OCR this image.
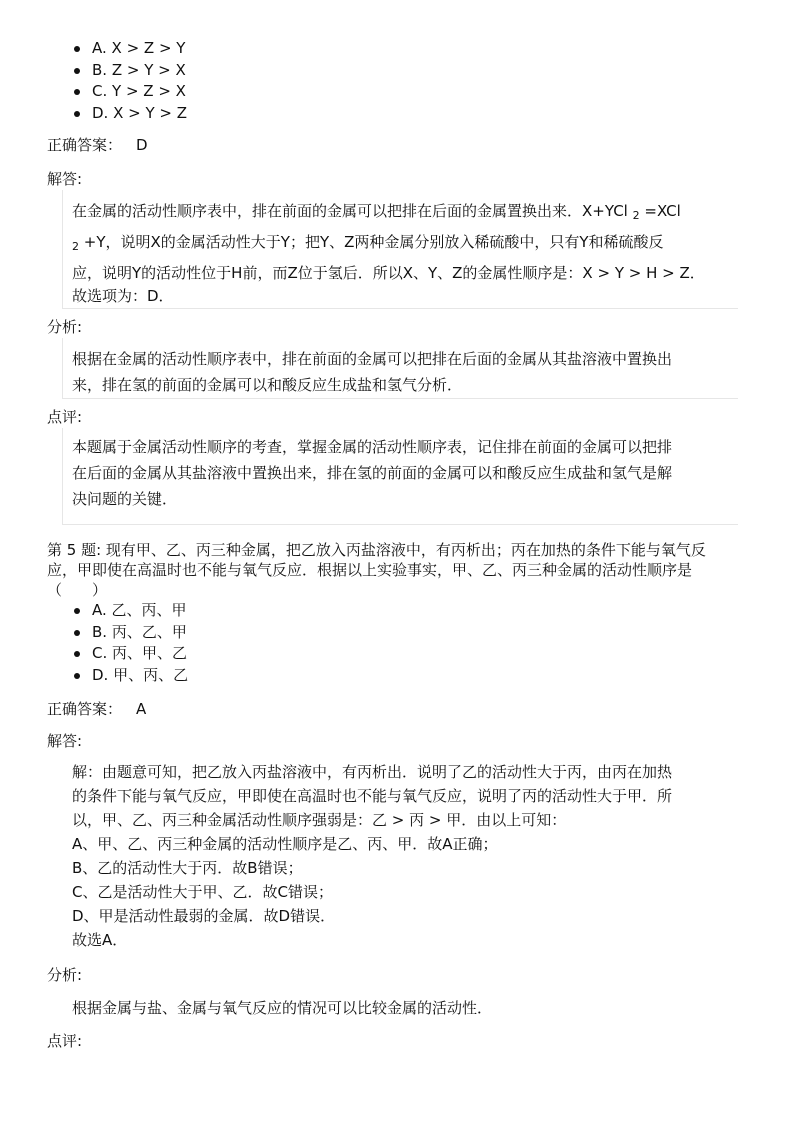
A. X > Z > Y
B. Z > Y > X
C. Y > Z > X
D. X > Y > Z
正确答案： D
解答:
在金属的活动性顺序表中，排在前面的金属可以把排在后面的金属置换出来．X+YCl $_2$ =XCl
$_2$ +Y，说明X的金属活动性大于Y；把Y、Z两种金属分别放入稀硫酸中，只有Y和稀硫酸反
应，说明Y的活动性位于H前，而Z位于氢后．所以X、Y、Z的金属性顺序是：X > Y > H > Z．
故选项为：D．
分析:
根据在金属的活动性顺序表中，排在前面的金属可以把排在后面的金属从其盐溶液中置换出
来，排在氢的前面的金属可以和酸反应生成盐和氢气分析．
点评:
本题属于金属活动性顺序的考查，掌握金属的活动性顺序表，记住排在前面的金属可以把排
在后面的金属从其盐溶液中置换出来，排在氢的前面的金属可以和酸反应生成盐和氢气是解
决问题的关键．
第 5 题: 现有甲、乙、丙三种金属，把乙放入丙盐溶液中，有丙析出；丙在加热的条件下能与氧气反
应，甲即使在高温时也不能与氧气反应．根据以上实验事实，甲、乙、丙三种金属的活动性顺序是
（　　）
A. 乙、丙、甲
B. 丙、乙、甲
C. 丙、甲、乙
D. 甲、丙、乙
正确答案： A
解答:
解：由题意可知，把乙放入丙盐溶液中，有丙析出．说明了乙的活动性大于丙，由丙在加热
的条件下能与氧气反应，甲即使在高温时也不能与氧气反应，说明了丙的活动性大于甲．所
以，甲、乙、丙三种金属活动性顺序强弱是：乙 > 丙 > 甲．由以上可知：
A、甲、乙、丙三种金属的活动性顺序是乙、丙、甲．故A正确；
B、乙的活动性大于丙．故B错误；
C、乙是活动性大于甲、乙．故C错误；
D、甲是活动性最弱的金属．故D错误．
故选A．
分析:
根据金属与盐、金属与氧气反应的情况可以比较金属的活动性．
点评:
